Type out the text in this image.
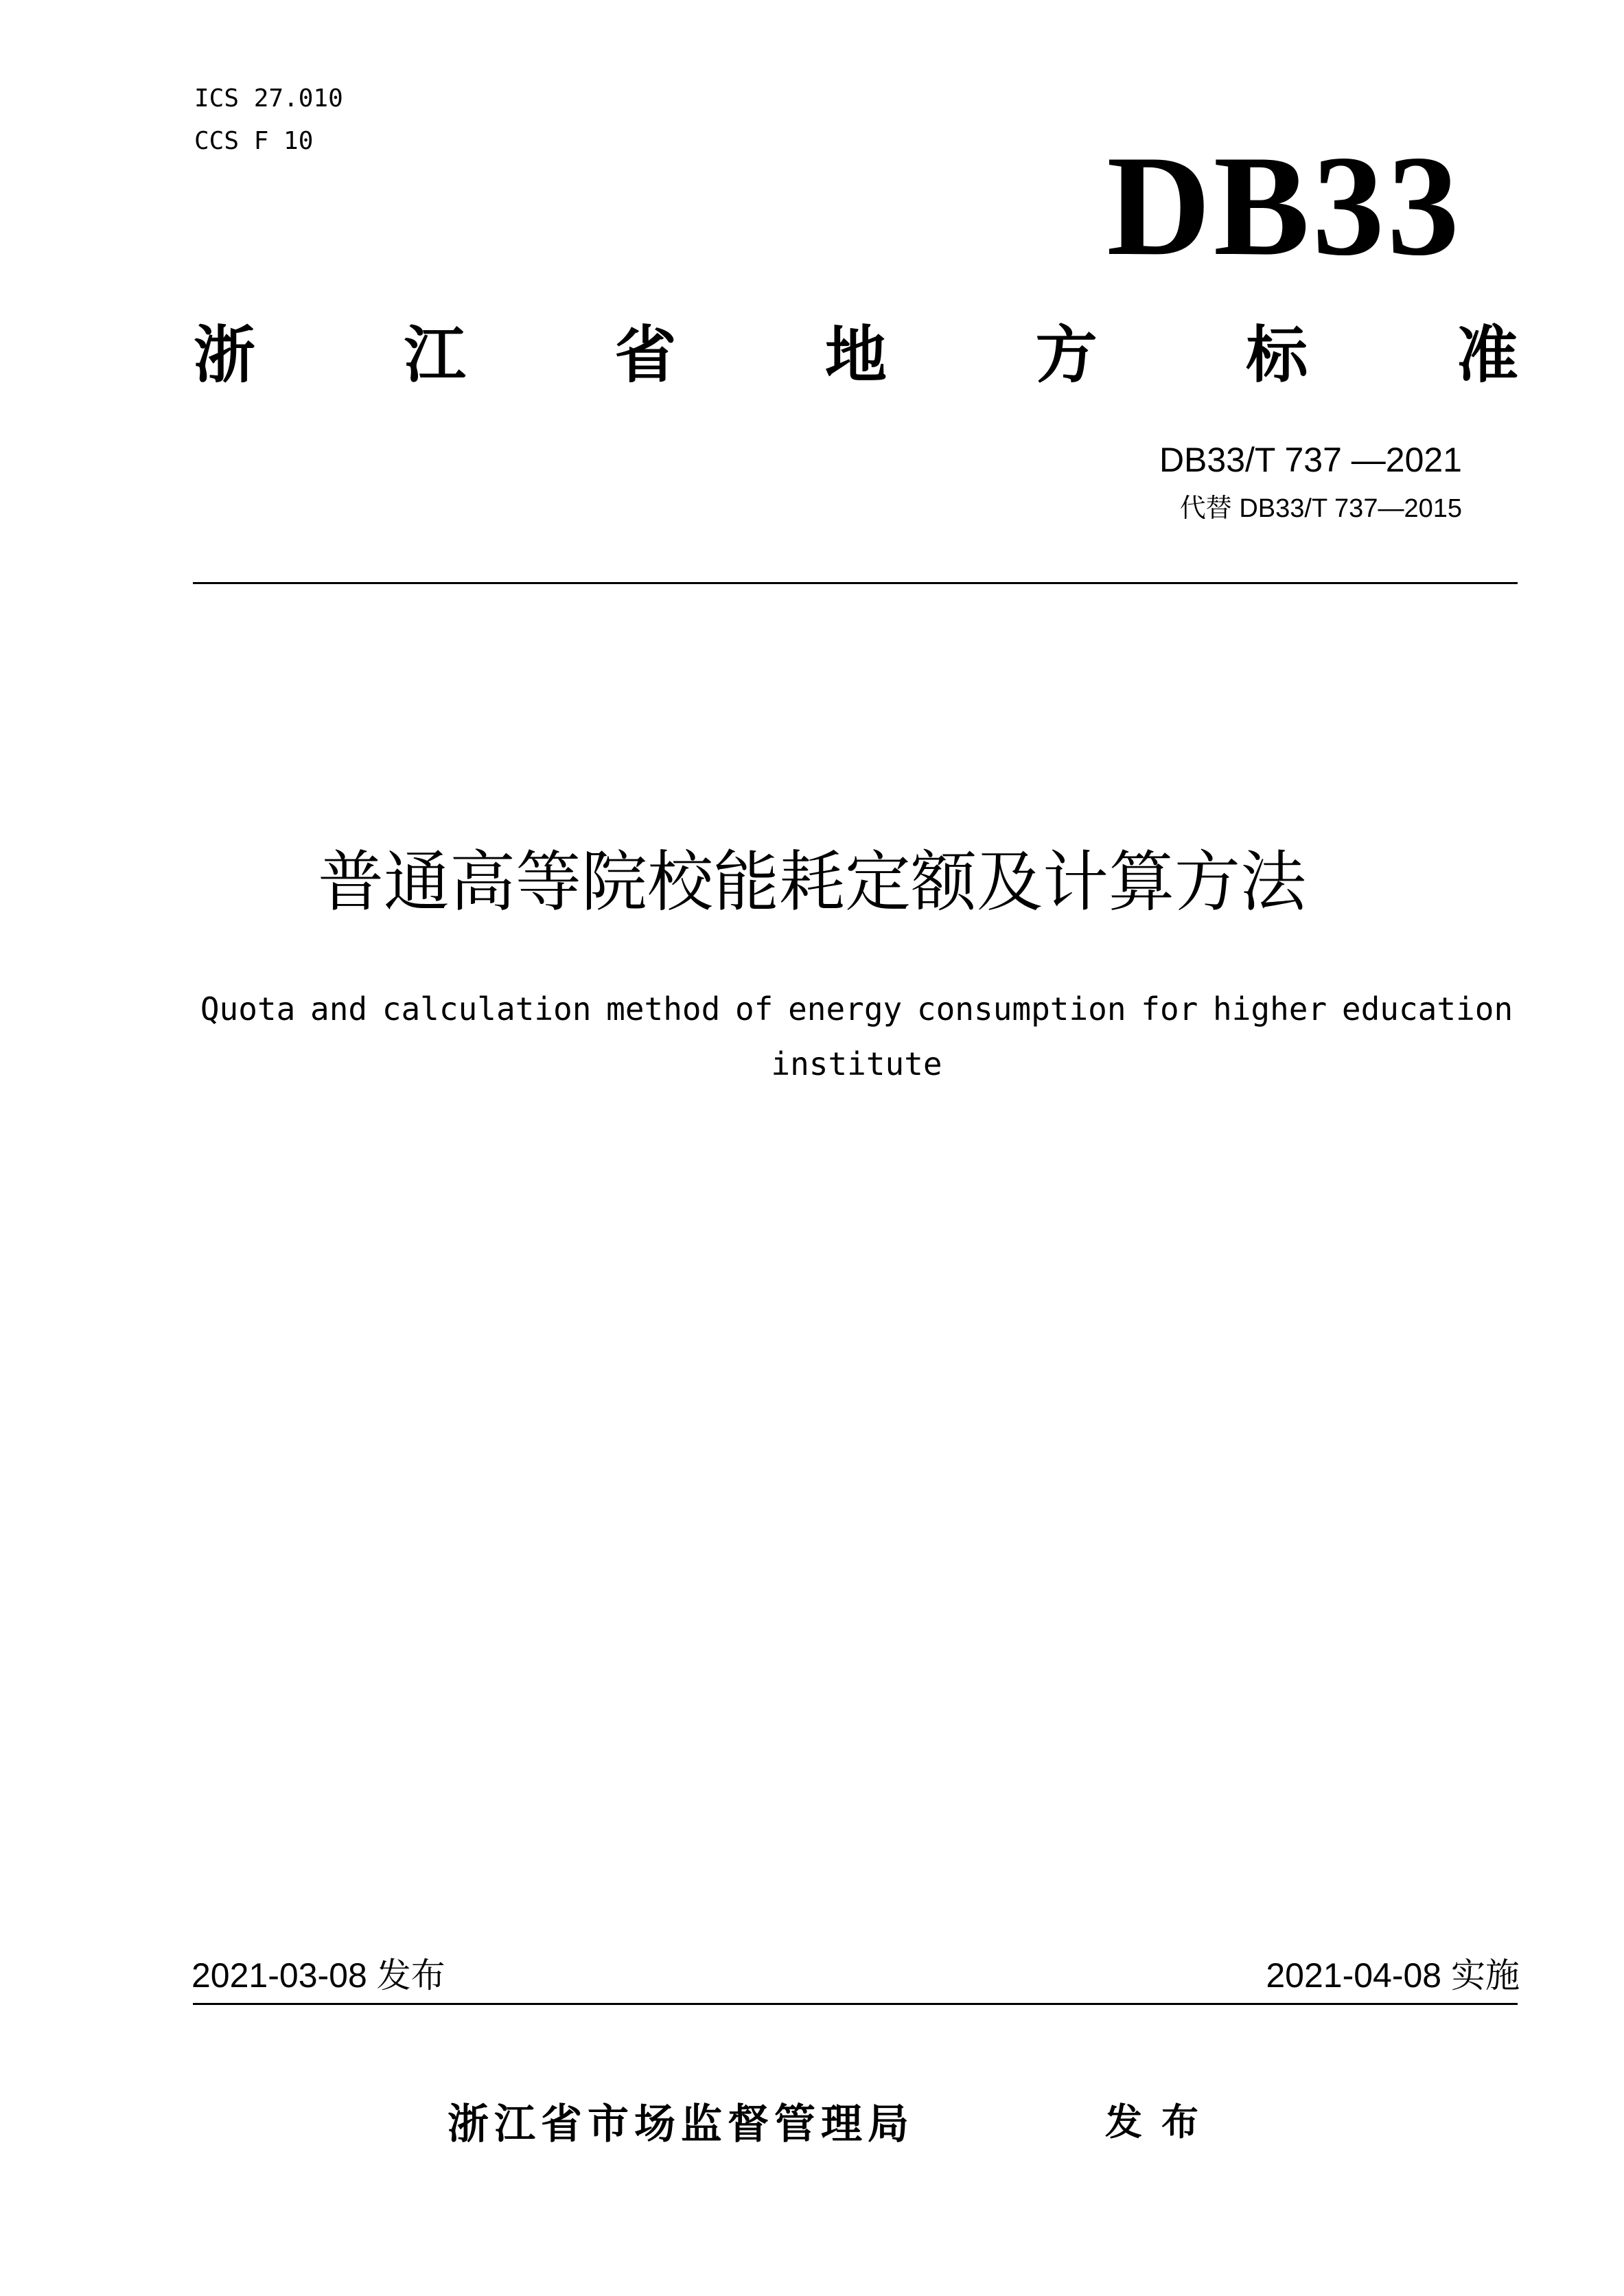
ICS 27.010
CCS F 10	DB33
浙 江 省 地 方 标 准
DB33/T 737 —2021
代替 DB33/T 737—2015
普通高等院校能耗定额及计算方法
Quota and calculation method of energy consumption for higher education institute
2021-03-08 发布	2021-04-08 实施
浙江省市场监督管理局	发布
